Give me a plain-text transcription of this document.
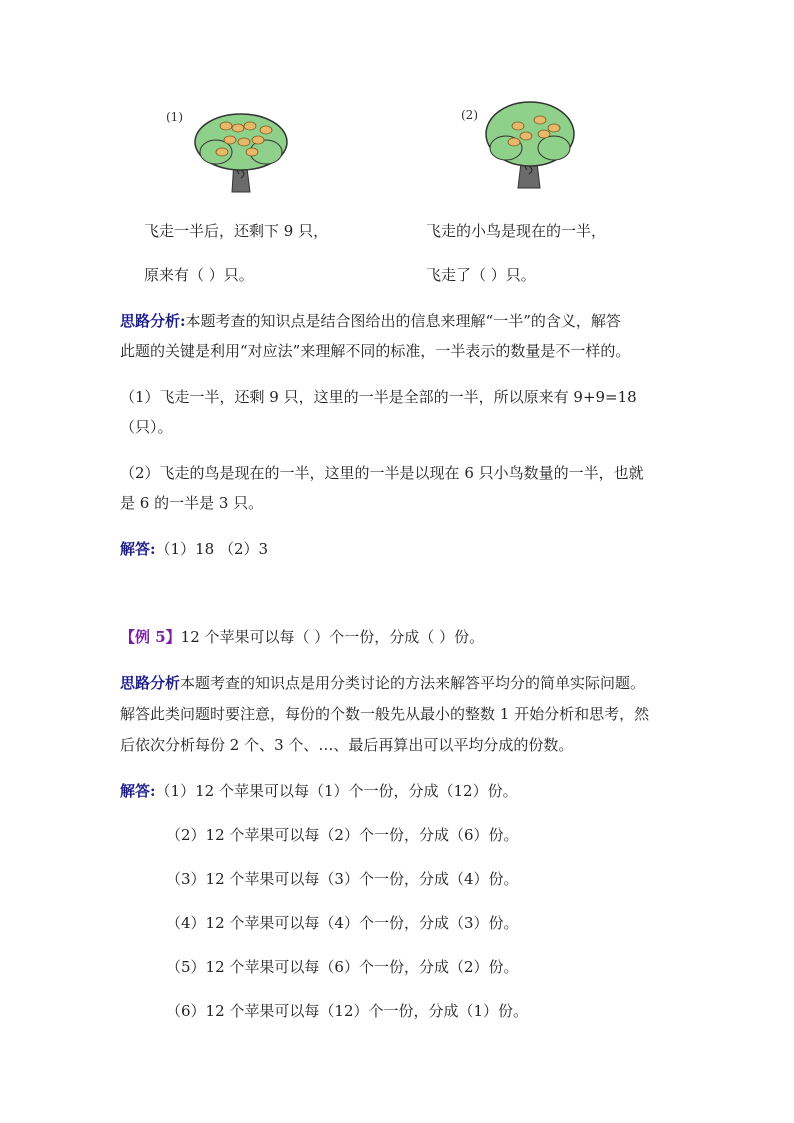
(1)	(2)

飞走一半后，还剩下 9 只，

原来有（ ）只。

飞走的小鸟是现在的一半，

飞走了（ ）只。

思路分析:本题考查的知识点是结合图给出的信息来理解“一半”的含义，解答

此题的关键是利用“对应法”来理解不同的标准，一半表示的数量是不一样的。

（1）飞走一半，还剩 9 只，这里的一半是全部的一半，所以原来有 9+9=18

（只）。

（2）飞走的鸟是现在的一半，这里的一半是以现在 6 只小鸟数量的一半，也就

是 6 的一半是 3 只。

解答:（1）18 （2）3

【例 5】12 个苹果可以每（ ）个一份，分成（ ）份。

思路分析本题考查的知识点是用分类讨论的方法来解答平均分的简单实际问题。

解答此类问题时要注意，每份的个数一般先从最小的整数 1 开始分析和思考，然

后依次分析每份 2 个、3 个、…、最后再算出可以平均分成的份数。

解答:（1）12 个苹果可以每（1）个一份，分成（12）份。

（2）12 个苹果可以每（2）个一份，分成（6）份。

（3）12 个苹果可以每（3）个一份，分成（4）份。

（4）12 个苹果可以每（4）个一份，分成（3）份。

（5）12 个苹果可以每（6）个一份，分成（2）份。

（6）12 个苹果可以每（12）个一份，分成（1）份。
